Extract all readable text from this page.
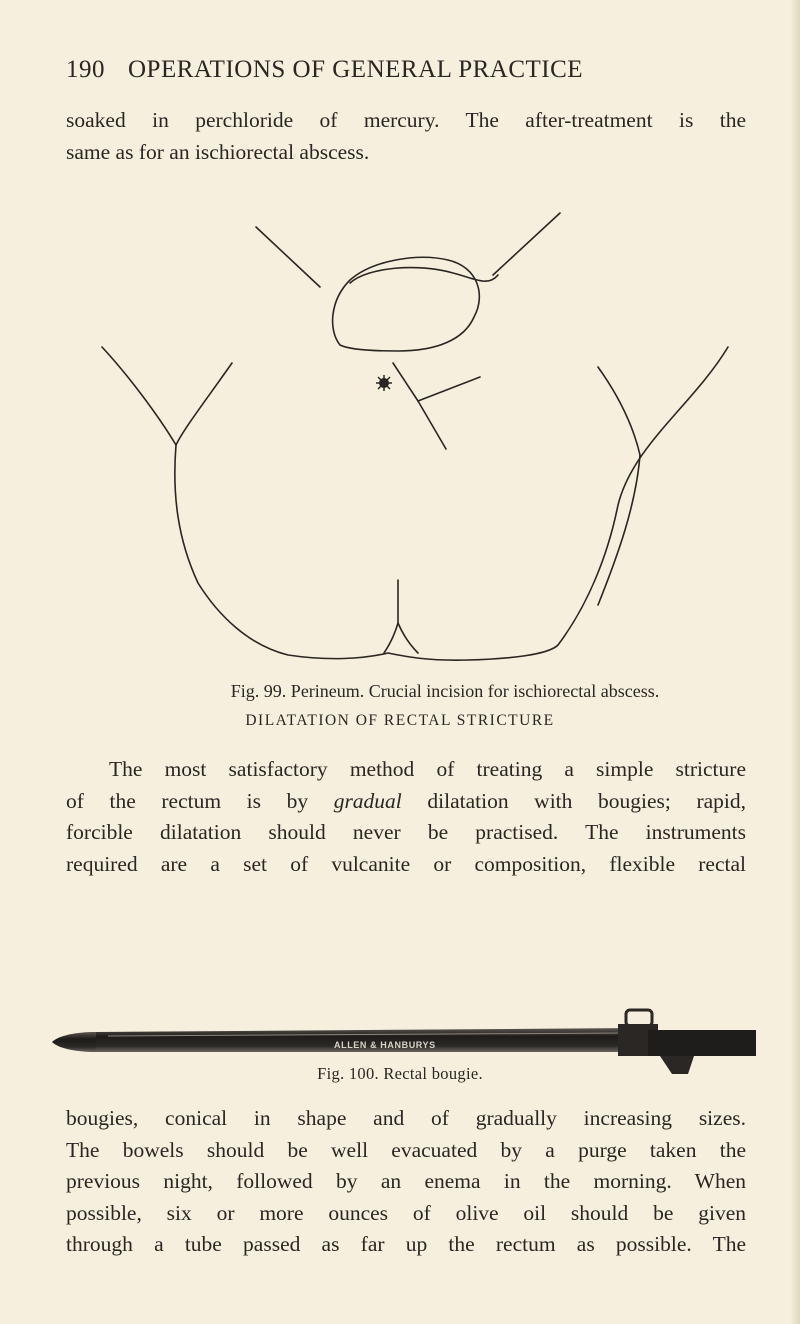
190 OPERATIONS OF GENERAL PRACTICE
soaked in perchloride of mercury. The after-treatment is the
same as for an ischiorectal abscess.
Fig. 99. Perineum. Crucial incision for ischiorectal abscess.
DILATATION OF RECTAL STRICTURE
The most satisfactory method of treating a simple stricture
of the rectum is by gradual dilatation with bougies; rapid,
forcible dilatation should never be practised. The instruments
required are a set of vulcanite or composition, flexible rectal
ALLEN & HANBURYS
Fig. 100. Rectal bougie.
bougies, conical in shape and of gradually increasing sizes.
The bowels should be well evacuated by a purge taken the
previous night, followed by an enema in the morning. When
possible, six or more ounces of olive oil should be given
through a tube passed as far up the rectum as possible. The
